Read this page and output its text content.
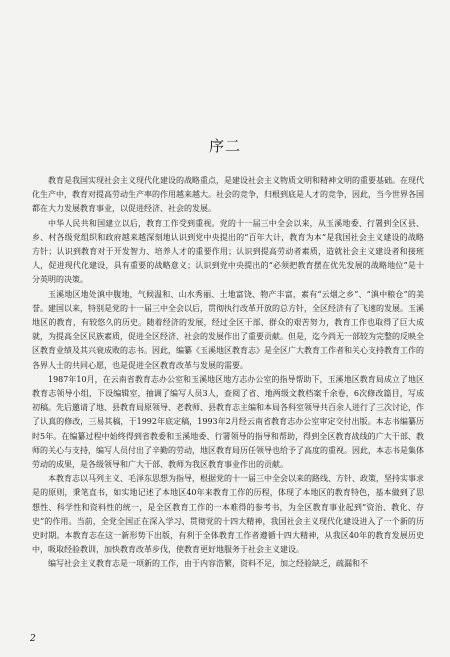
序二

教育是我国实现社会主义现代化建设的战略重点，是建设社会主义物质文明和精神文明的重要基础。在现代化生产中，教育对提高劳动生产率的作用越来越大。社会的竞争，归根到底是人才的竞争，因此，当今世界各国都在大力发展教育事业，以促进经济、社会的发展。

中华人民共和国建立以后，教育工作受到重视。党的十一届三中全会以来，从玉溪地委、行署到全区县、乡、村各级党组织和政府越来越深刻地认识到党中央提出的“百年大计，教育为本”是我国社会主义建设的战略方针；认识到教育对于开发智力、培养人才的重要作用；认识到提高劳动者素质，造就社会主义建设者和接班人，促进现代化建设，具有重要的战略意义；认识到党中央提出的“必须把教育摆在优先发展的战略地位”是十分英明的决策。

玉溪地区地处滇中腹地，气候温和、山水秀丽、土地富饶、物产丰富，素有“云烟之乡”、“滇中粮仓”的美誉。建国以来，特别是党的十一届三中全会以后，贯彻执行改革开放的总方针，全区经济有了飞速的发展。玉溪地区的教育，有较悠久的历史。随着经济的发展，经过全区干部、群众的艰苦努力，教育工作也取得了巨大成就，为提高全区民族素质，促进全区经济、社会的发展作出了重要贡献。但是，迄今尚无一部较为完整的反映全区教育业绩及其兴衰成败的志书。因此，编纂《玉溪地区教育志》是全区广大教育工作者和关心支持教育工作的各界人士的共同心愿，也是促进全区教育改革与发展的需要。

1987年10月，在云南省教育志办公室和玉溪地区地方志办公室的指导帮助下，玉溪地区教育局成立了地区教育志领导小组，下设编辑室，抽调了编写人员3人，查阅了省、地两级文教档案千余卷，6次修改篇目，写成初稿。先后邀请了地、县教育局原领导、老教师、县教育志主编和本局各科室领导共百余人进行了三次讨论，作了认真的修改，三易其稿，于1992年底定稿，1993年2月经云南省教育志办公室审定交付出版。本志书编纂历时5年。在编纂过程中始终得到省教委和玉溪地委、行署领导的指导和帮助，得到全区教育战线的广大干部、教师的关心与支持，编写人员付出了辛勤的劳动，地区教育局历任领导也给予了高度的重视。因此，本志书是集体劳动的成果，是各级领导和广大干部、教师为我区教育事业作出的贡献。

本教育志以马列主义、毛泽东思想为指导，根据党的十一届三中全会以来的路线、方针、政策，坚持实事求是的原则，秉笔直书，如实地记述了本地区40年来教育工作的历程，体现了本地区的教育特色，基本做到了思想性、科学性和资料性的统一，是全区教育工作的一本难得的参考书，为全区教育事业起到“资治、教化、存史”的作用。当前，全党全国正在深入学习、贯彻党的十四大精神，我国社会主义现代化建设进入了一个新的历史时期。本教育志在这一新形势下出版，有利于全体教育工作者遵循十四大精神，从我区40年的教育发展历史中，吸取经验教训，加快教育改革步伐，使教育更好地服务于社会主义建设。

编写社会主义教育志是一项新的工作，由于内容浩繁，资料不足，加之经验缺乏，疏漏和不

2
